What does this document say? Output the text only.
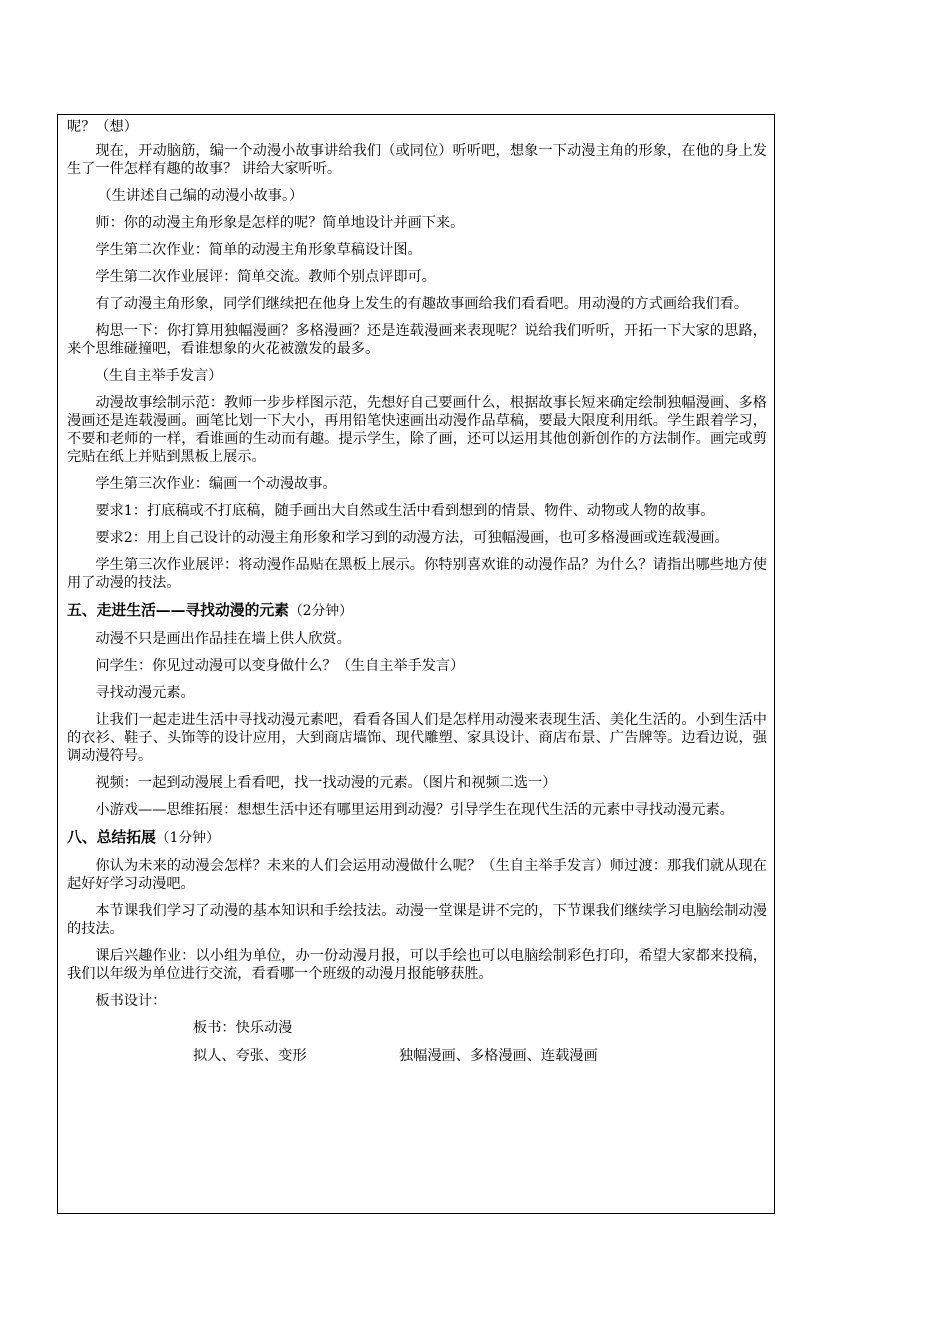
呢？（想）

现在，开动脑筋，编一个动漫小故事讲给我们（或同位）听听吧，想象一下动漫主角的形象，在他的身上发生了一件怎样有趣的故事？ 讲给大家听听。

（生讲述自己编的动漫小故事。）

师：你的动漫主角形象是怎样的呢？简单地设计并画下来。

学生第二次作业：简单的动漫主角形象草稿设计图。

学生第二次作业展评：简单交流。教师个别点评即可。

有了动漫主角形象，同学们继续把在他身上发生的有趣故事画给我们看看吧。用动漫的方式画给我们看。

构思一下：你打算用独幅漫画？多格漫画？还是连载漫画来表现呢？说给我们听听，开拓一下大家的思路，来个思维碰撞吧，看谁想象的火花被激发的最多。

（生自主举手发言）

动漫故事绘制示范：教师一步步样图示范，先想好自己要画什么，根据故事长短来确定绘制独幅漫画、多格漫画还是连载漫画。画笔比划一下大小，再用铅笔快速画出动漫作品草稿，要最大限度利用纸。学生跟着学习，不要和老师的一样，看谁画的生动而有趣。提示学生，除了画，还可以运用其他创新创作的方法制作。画完或剪完贴在纸上并贴到黑板上展示。

学生第三次作业：编画一个动漫故事。

要求1：打底稿或不打底稿，随手画出大自然或生活中看到想到的情景、物件、动物或人物的故事。

要求2：用上自己设计的动漫主角形象和学习到的动漫方法，可独幅漫画，也可多格漫画或连载漫画。

学生第三次作业展评：将动漫作品贴在黑板上展示。你特别喜欢谁的动漫作品？为什么？请指出哪些地方使用了动漫的技法。

五、走进生活——寻找动漫的元素（2分钟）

动漫不只是画出作品挂在墙上供人欣赏。

问学生：你见过动漫可以变身做什么？（生自主举手发言）

寻找动漫元素。

让我们一起走进生活中寻找动漫元素吧，看看各国人们是怎样用动漫来表现生活、美化生活的。小到生活中的衣衫、鞋子、头饰等的设计应用，大到商店墙饰、现代雕塑、家具设计、商店布景、广告牌等。边看边说，强调动漫符号。

视频：一起到动漫展上看看吧，找一找动漫的元素。（图片和视频二选一）

小游戏——思维拓展：想想生活中还有哪里运用到动漫？引导学生在现代生活的元素中寻找动漫元素。

八、总结拓展（1分钟）

你认为未来的动漫会怎样？未来的人们会运用动漫做什么呢？（生自主举手发言）师过渡：那我们就从现在起好好学习动漫吧。

本节课我们学习了动漫的基本知识和手绘技法。动漫一堂课是讲不完的，下节课我们继续学习电脑绘制动漫的技法。

课后兴趣作业：以小组为单位，办一份动漫月报，可以手绘也可以电脑绘制彩色打印，希望大家都来投稿，我们以年级为单位进行交流，看看哪一个班级的动漫月报能够获胜。

板书设计：

板书：快乐动漫

拟人、夸张、变形	独幅漫画、多格漫画、连载漫画
